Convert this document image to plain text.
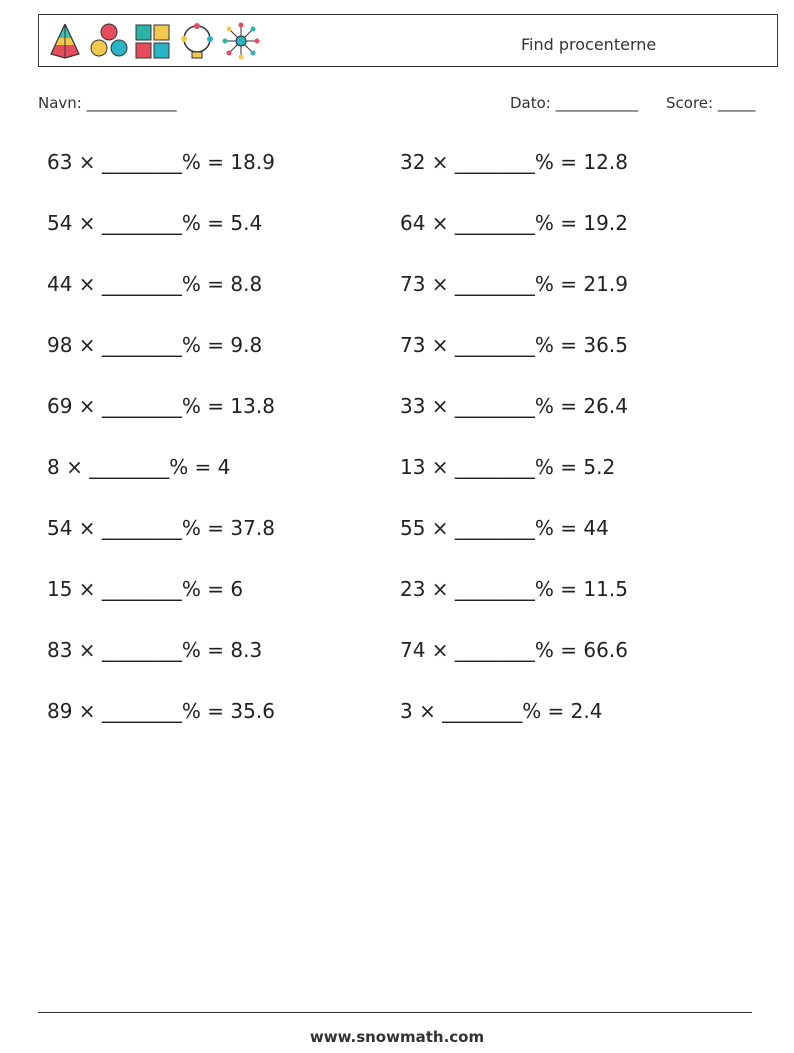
Find procenterne
Navn: ____________	Dato: ___________ Score: _____
63 × ________% = 18.9
54 × ________% = 5.4
44 × ________% = 8.8
98 × ________% = 9.8
69 × ________% = 13.8
8 × ________% = 4
54 × ________% = 37.8
15 × ________% = 6
83 × ________% = 8.3
89 × ________% = 35.6
32 × ________% = 12.8
64 × ________% = 19.2
73 × ________% = 21.9
73 × ________% = 36.5
33 × ________% = 26.4
13 × ________% = 5.2
55 × ________% = 44
23 × ________% = 11.5
74 × ________% = 66.6
3 × ________% = 2.4
www.snowmath.com
